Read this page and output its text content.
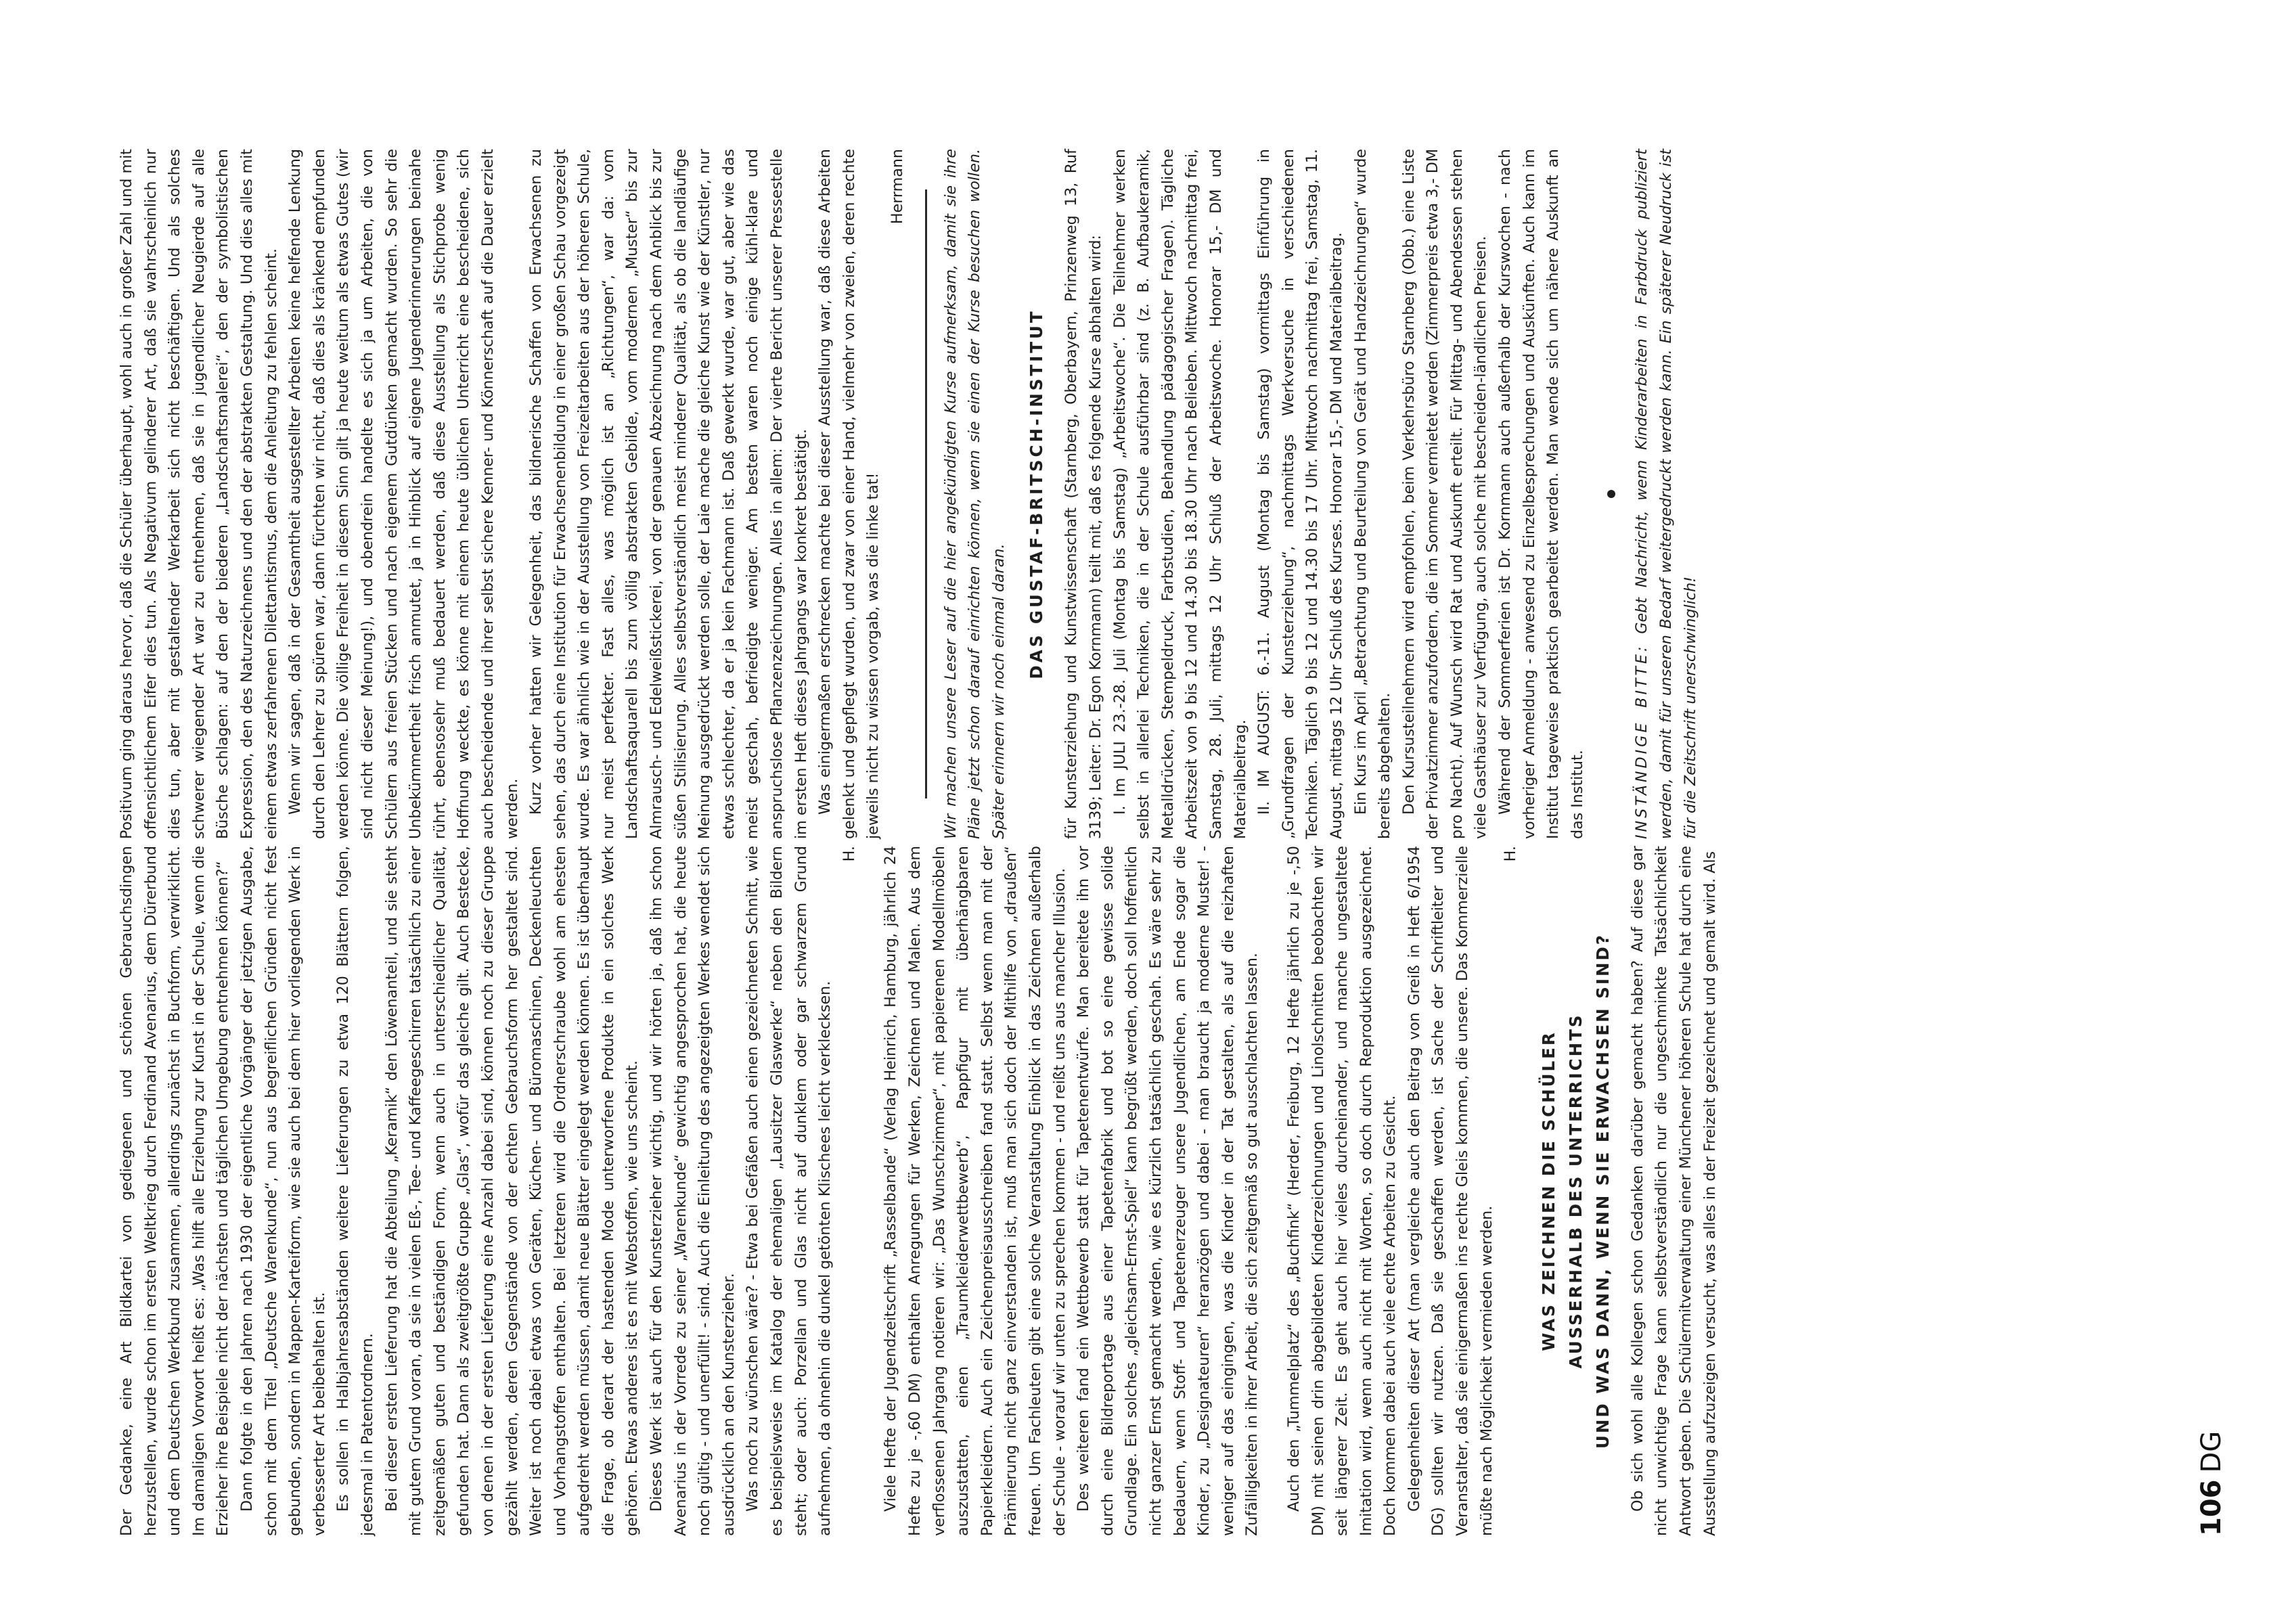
Der Gedanke, eine Art Bildkartei von gediegenen und schönen Gebrauchsdingen herzustellen, wurde schon im ersten Weltkrieg durch Ferdinand Avenarius, dem Dürerbund und dem Deutschen Werkbund zusammen, allerdings zunächst in Buchform, verwirklicht. Im damaligen Vorwort heißt es: „Was hilft alle Erziehung zur Kunst in der Schule, wenn die Erzieher ihre Beispiele nicht der nächsten und täglichen Umgebung entnehmen können?“ Dann folgte in den Jahren nach 1930 der eigentliche Vorgänger der jetzigen Ausgabe, schon mit dem Titel „Deutsche Warenkunde“, nun aus begreiflichen Gründen nicht fest gebunden, sondern in Mappen-Karteiform, wie sie auch bei dem hier vorliegenden Werk in verbesserter Art beibehalten ist. Es sollen in Halbjahresabständen weitere Lieferungen zu etwa 120 Blättern folgen, jedesmal in Patentordnern. Bei dieser ersten Lieferung hat die Abteilung „Keramik“ den Löwenanteil, und sie steht mit gutem Grund voran, da sie in vielen Eß-, Tee- und Kaffeegeschirren tatsächlich zu einer zeitgemäßen guten und beständigen Form, wenn auch in unterschiedlicher Qualität, gefunden hat. Dann als zweitgrößte Gruppe „Glas“, wofür das gleiche gilt. Auch Bestecke, von denen in der ersten Lieferung eine Anzahl dabei sind, können noch zu dieser Gruppe gezählt werden, deren Gegenstände von der echten Gebrauchsform her gestaltet sind. Weiter ist noch dabei etwas von Geräten, Küchen- und Büromaschinen, Deckenleuchten und Vorhangstoffen enthalten. Bei letzteren wird die Ordnerschraube wohl am ehesten aufgedreht werden müssen, damit neue Blätter eingelegt werden können. Es ist überhaupt die Frage, ob derart der hastenden Mode unterworfene Produkte in ein solches Werk gehören. Etwas anderes ist es mit Webstoffen, wie uns scheint. Dieses Werk ist auch für den Kunsterzieher wichtig, und wir hörten ja, daß ihn schon Avenarius in der Vorrede zu seiner „Warenkunde“ gewichtig angesprochen hat, die heute noch gültig - und unerfüllt! - sind. Auch die Einleitung des angezeigten Werkes wendet sich ausdrücklich an den Kunsterzieher. Was noch zu wünschen wäre? - Etwa bei Gefäßen auch einen gezeichneten Schnitt, wie es beispielsweise im Katalog der ehemaligen „Lausitzer Glaswerke“ neben den Bildern steht; oder auch: Porzellan und Glas nicht auf dunklem oder gar schwarzem Grund aufnehmen, da ohnehin die dunkel getönten Klischees leicht verklecksen.

H. Viele Hefte der Jugendzeitschrift „Rasselbande“ (Verlag Heinrich, Hamburg, jährlich 24 Hefte zu je -,60 DM) enthalten Anregungen für Werken, Zeichnen und Malen. Aus dem verflossenen Jahrgang notieren wir: „Das Wunschzimmer“, mit papierenen Modellmöbeln auszustatten, einen „Traumkleiderwettbewerb“, Pappfigur mit überhängbaren Papierkleidern. Auch ein Zeichenpreisausschreiben fand statt. Selbst wenn man mit der Prämiierung nicht ganz einverstanden ist, muß man sich doch der Mithilfe von „draußen“ freuen. Um Fachleuten gibt eine solche Veranstaltung Einblick in das Zeichnen außerhalb der Schule - worauf wir unten zu sprechen kommen - und reißt uns aus mancher Illusion. Des weiteren fand ein Wettbewerb statt für Tapetenentwürfe. Man bereitete ihn vor durch eine Bildreportage aus einer Tapetenfabrik und bot so eine gewisse solide Grundlage. Ein solches „gleichsam-Ernst-Spiel“ kann begrüßt werden, doch soll hoffentlich nicht ganzer Ernst gemacht werden, wie es kürzlich tatsächlich geschah. Es wäre sehr zu bedauern, wenn Stoff- und Tapetenerzeuger unsere Jugendlichen, am Ende sogar die Kinder, zu „Designateuren“ heranzögen und dabei - man braucht ja moderne Muster! - weniger auf das eingingen, was die Kinder in der Tat gestalten, als auf die reizhaften Zufälligkeiten in ihrer Arbeit, die sich zeitgemäß so gut ausschlachten lassen. Auch den „Tummelplatz“ des „Buchfink“ (Herder, Freiburg, 12 Hefte jährlich zu je -,50 DM) mit seinen drin abgebildeten Kinderzeichnungen und Linolschnitten beobachten wir seit längerer Zeit. Es geht auch hier vieles durcheinander, und manche ungestaltete Imitation wird, wenn auch nicht mit Worten, so doch durch Reproduktion ausgezeichnet. Doch kommen dabei auch viele echte Arbeiten zu Gesicht. Gelegenheiten dieser Art (man vergleiche auch den Beitrag von Greiß in Heft 6/1954 DG) sollten wir nutzen. Daß sie geschaffen werden, ist Sache der Schriftleiter und Veranstalter, daß sie einigermaßen ins rechte Gleis kommen, die unsere. Das Kommerzielle müßte nach Möglichkeit vermieden werden.

H.

WAS ZEICHNEN DIE SCHÜLER AUSSERHALB DES UNTERRICHTS UND WAS DANN, WENN SIE ERWACHSEN SIND? Ob sich wohl alle Kollegen schon Gedanken darüber gemacht haben? Auf diese gar nicht unwichtige Frage kann selbstverständlich nur die ungeschminkte Tatsächlichkeit Antwort geben. Die Schülermitverwaltung einer Münchener höheren Schule hat durch eine Ausstellung aufzuzeigen versucht, was alles in der Freizeit gezeichnet und gemalt wird. Als

Positivum ging daraus hervor, daß die Schüler überhaupt, wohl auch in großer Zahl und mit offensichtlichem Eifer dies tun. Als Negativum gelinderer Art, daß sie wahrscheinlich nur dies tun, aber mit gestaltender Werkarbeit sich nicht beschäftigen. Und als solches schwerer wiegender Art war zu entnehmen, daß sie in jugendlicher Neugierde auf alle Büsche schlagen: auf den der biederen „Landschaftsmalerei“, den der symbolistischen Expression, den des Naturzeichnens und den der abstrakten Gestaltung. Und dies alles mit einem etwas zerfahrenen Dilettantismus, dem die Anleitung zu fehlen scheint. Wenn wir sagen, daß in der Gesamtheit ausgestellter Arbeiten keine helfende Lenkung durch den Lehrer zu spüren war, dann fürchten wir nicht, daß dies als kränkend empfunden werden könne. Die völlige Freiheit in diesem Sinn gilt ja heute weitum als etwas Gutes (wir sind nicht dieser Meinung!), und obendrein handelte es sich ja um Arbeiten, die von Schülern aus freien Stücken und nach eigenem Gutdünken gemacht wurden. So sehr die Unbekümmertheit frisch anmutet, ja in Hinblick auf eigene Jugenderinnerungen beinahe rührt, ebensosehr muß bedauert werden, daß diese Ausstellung als Stichprobe wenig Hoffnung weckte, es könne mit einem heute üblichen Unterricht eine bescheidene, sich auch bescheidende und ihrer selbst sichere Kenner- und Könnerschaft auf die Dauer erzielt werden. Kurz vorher hatten wir Gelegenheit, das bildnerische Schaffen von Erwachsenen zu sehen, das durch eine Institution für Erwachsenenbildung in einer großen Schau vorgezeigt wurde. Es war ähnlich wie in der Ausstellung von Freizeitarbeiten aus der höheren Schule, nur meist perfekter. Fast alles, was möglich ist an „Richtungen“, war da: vom Landschaftsaquarell bis zum völlig abstrakten Gebilde, vom modernen „Muster“ bis zur Almrausch- und Edelweißstickerei, von der genauen Abzeichnung nach dem Anblick bis zur süßen Stilisierung. Alles selbstverständlich meist minderer Qualität, als ob die landläufige Meinung ausgedrückt werden solle, der Laie mache die gleiche Kunst wie der Künstler, nur etwas schlechter, da er ja kein Fachmann ist. Daß gewerkt wurde, war gut, aber wie das meist geschah, befriedigte weniger. Am besten waren noch einige kühl-klare und anspruchslose Pflanzenzeichnungen. Alles in allem: Der vierte Bericht unserer Pressestelle im ersten Heft dieses Jahrgangs war konkret bestätigt. Was einigermaßen erschrecken machte bei dieser Ausstellung war, daß diese Arbeiten gelenkt und gepflegt wurden, und zwar von einer Hand, vielmehr von zweien, deren rechte jeweils nicht zu wissen vorgab, was die linke tat!

Herrmann Wir machen unsere Leser auf die hier angekündigten Kurse aufmerksam, damit sie ihre Pläne jetzt schon darauf einrichten können, wenn sie einen der Kurse besuchen wollen. Später erinnern wir noch einmal daran.

DAS GUSTAF-BRITSCH-INSTITUT für Kunsterziehung und Kunstwissenschaft (Starnberg, Oberbayern, Prinzenweg 13, Ruf 3139; Leiter: Dr. Egon Kornmann) teilt mit, daß es folgende Kurse abhalten wird: I. Im JULI 23.-28. Juli (Montag bis Samstag) „Arbeitswoche“. Die Teilnehmer werken selbst in allerlei Techniken, die in der Schule ausführbar sind (z. B. Aufbaukeramik, Metalldrücken, Stempeldruck, Farbstudien, Behandlung pädagogischer Fragen). Tägliche Arbeitszeit von 9 bis 12 und 14.30 bis 18.30 Uhr nach Belieben. Mittwoch nachmittag frei, Samstag, 28. Juli, mittags 12 Uhr Schluß der Arbeitswoche. Honorar 15,- DM und Materialbeitrag. II. IM AUGUST: 6.-11. August (Montag bis Samstag) vormittags Einführung in „Grundfragen der Kunsterziehung“, nachmittags Werkversuche in verschiedenen Techniken. Täglich 9 bis 12 und 14.30 bis 17 Uhr. Mittwoch nachmittag frei, Samstag, 11. August, mittags 12 Uhr Schluß des Kurses. Honorar 15,- DM und Materialbeitrag. Ein Kurs im April „Betrachtung und Beurteilung von Gerät und Handzeichnungen“ wurde bereits abgehalten. Den Kursusteilnehmern wird empfohlen, beim Verkehrsbüro Starnberg (Obb.) eine Liste der Privatzimmer anzufordern, die im Sommer vermietet werden (Zimmerpreis etwa 3,- DM pro Nacht). Auf Wunsch wird Rat und Auskunft erteilt. Für Mittag- und Abendessen stehen viele Gasthäuser zur Verfügung, auch solche mit bescheiden-ländlichen Preisen. Während der Sommerferien ist Dr. Kornmann auch außerhalb der Kurswochen - nach vorheriger Anmeldung - anwesend zu Einzelbesprechungen und Auskünften. Auch kann im Institut tageweise praktisch gearbeitet werden. Man wende sich um nähere Auskunft an das Institut.	INSTÄNDIGE BITTE: Gebt Nachricht, wenn Kinderarbeiten in Farbdruck publiziert werden, damit für unseren Bedarf weitergedruckt werden kann. Ein späterer Neudruck ist für die Zeitschrift unerschwinglich!

106DG
